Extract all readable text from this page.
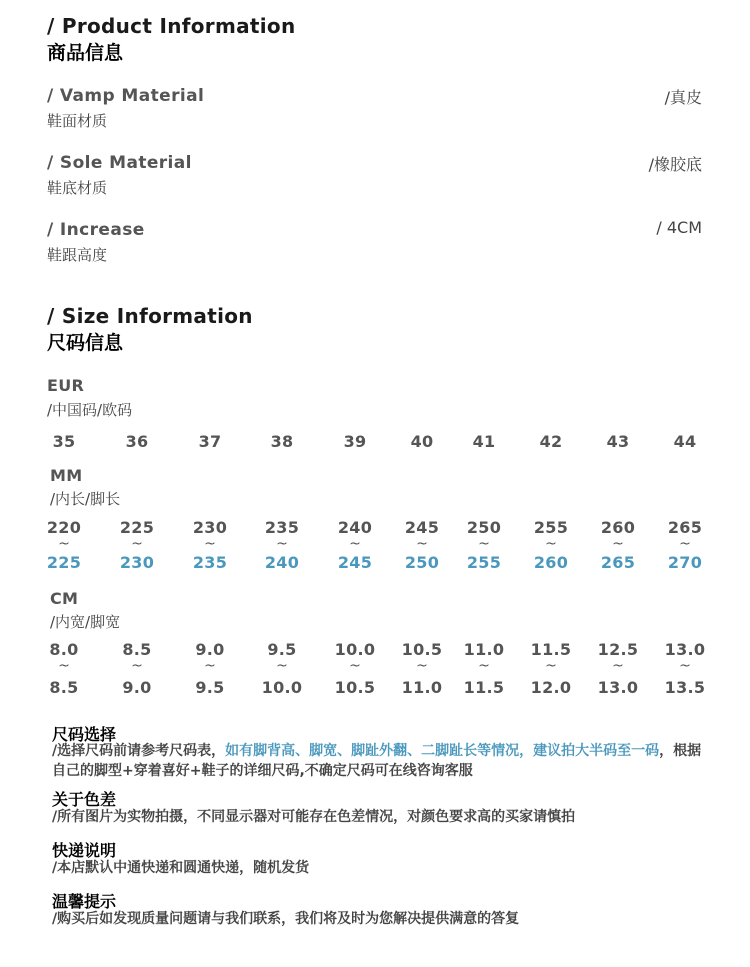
/ Product Information
商品信息
/ Vamp Material
鞋面材质
/真皮
/ Sole Material
鞋底材质
/橡胶底
/ Increase
鞋跟高度
/ 4CM
/ Size Information
尺码信息
EUR
/中国码/欧码
35	36	37	38	39	40 41	42	43	44
MM
/内长/脚长
220 225 230 235 240 245 250 255 260 265
~	~	~	~	~	~	~	~	~	~
225 230 235 240 245 250 255 260 265 270
CM
/内宽/脚宽
8.0	8.5	9.0	9.5 10.0 10.5 11.0 11.5 12.5 13.0
~	~	~	~	~	~	~	~	~	~
8.5	9.0	9.5 10.0 10.5 11.0 11.5 12.0 13.0 13.5
尺码选择
/选择尺码前请参考尺码表，如有脚背高、脚宽、脚趾外翻、二脚趾长等情况，建议拍大半码至一码，根据自己的脚型+穿着喜好+鞋子的详细尺码,不确定尺码可在线咨询客服
关于色差
/所有图片为实物拍摄，不同显示器对可能存在色差情况，对颜色要求高的买家请慎拍
快递说明
/本店默认中通快递和圆通快递，随机发货
温馨提示
/购买后如发现质量问题请与我们联系，我们将及时为您解决提供满意的答复
